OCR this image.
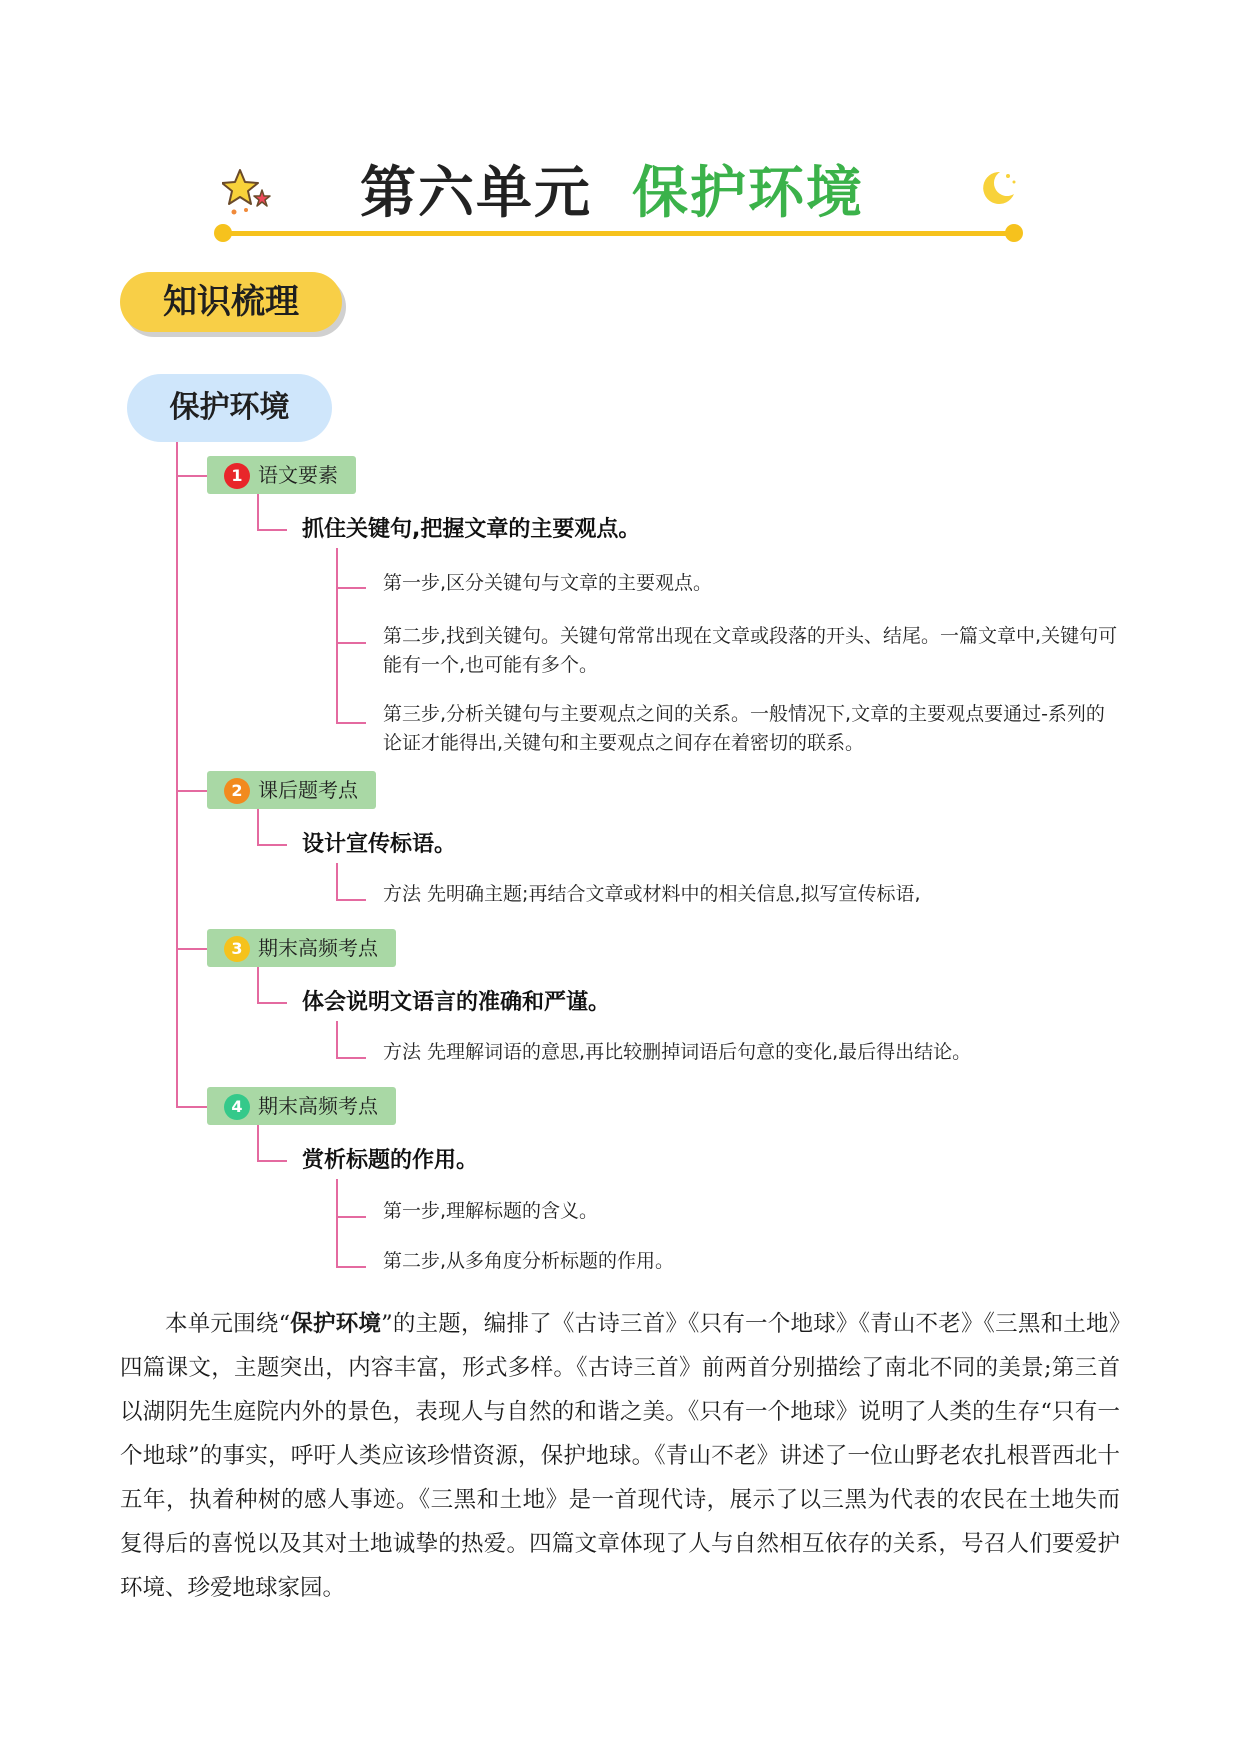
第六单元 保护环境
知识梳理
保护环境
1 语文要素
抓住关键句,把握文章的主要观点。
第一步,区分关键句与文章的主要观点。
第二步,找到关键句。关键句常常出现在文章或段落的开头、结尾。一篇文章中,关键句可能有一个,也可能有多个。
第三步,分析关键句与主要观点之间的关系。一般情况下,文章的主要观点要通过-系列的论证才能得出,关键句和主要观点之间存在着密切的联系。
2 课后题考点
设计宣传标语。
方法 先明确主题;再结合文章或材料中的相关信息,拟写宣传标语,
3 期末高频考点
体会说明文语言的准确和严谨。
方法 先理解词语的意思,再比较删掉词语后句意的变化,最后得出结论。
4 期末高频考点
赏析标题的作用。
第一步,理解标题的含义。
第二步,从多角度分析标题的作用。
本单元围绕“保护环境”的主题，编排了《古诗三首》《只有一个地球》《青山不老》《三黑和土地》四篇课文，主题突出，内容丰富，形式多样。《古诗三首》前两首分别描绘了南北不同的美景;第三首以湖阴先生庭院内外的景色，表现人与自然的和谐之美。《只有一个地球》说明了人类的生存“只有一个地球”的事实，呼吁人类应该珍惜资源，保护地球。《青山不老》讲述了一位山野老农扎根晋西北十五年，执着种树的感人事迹。《三黑和土地》是一首现代诗，展示了以三黑为代表的农民在土地失而复得后的喜悦以及其对土地诚挚的热爱。四篇文章体现了人与自然相互依存的关系，号召人们要爱护环境、珍爱地球家园。
